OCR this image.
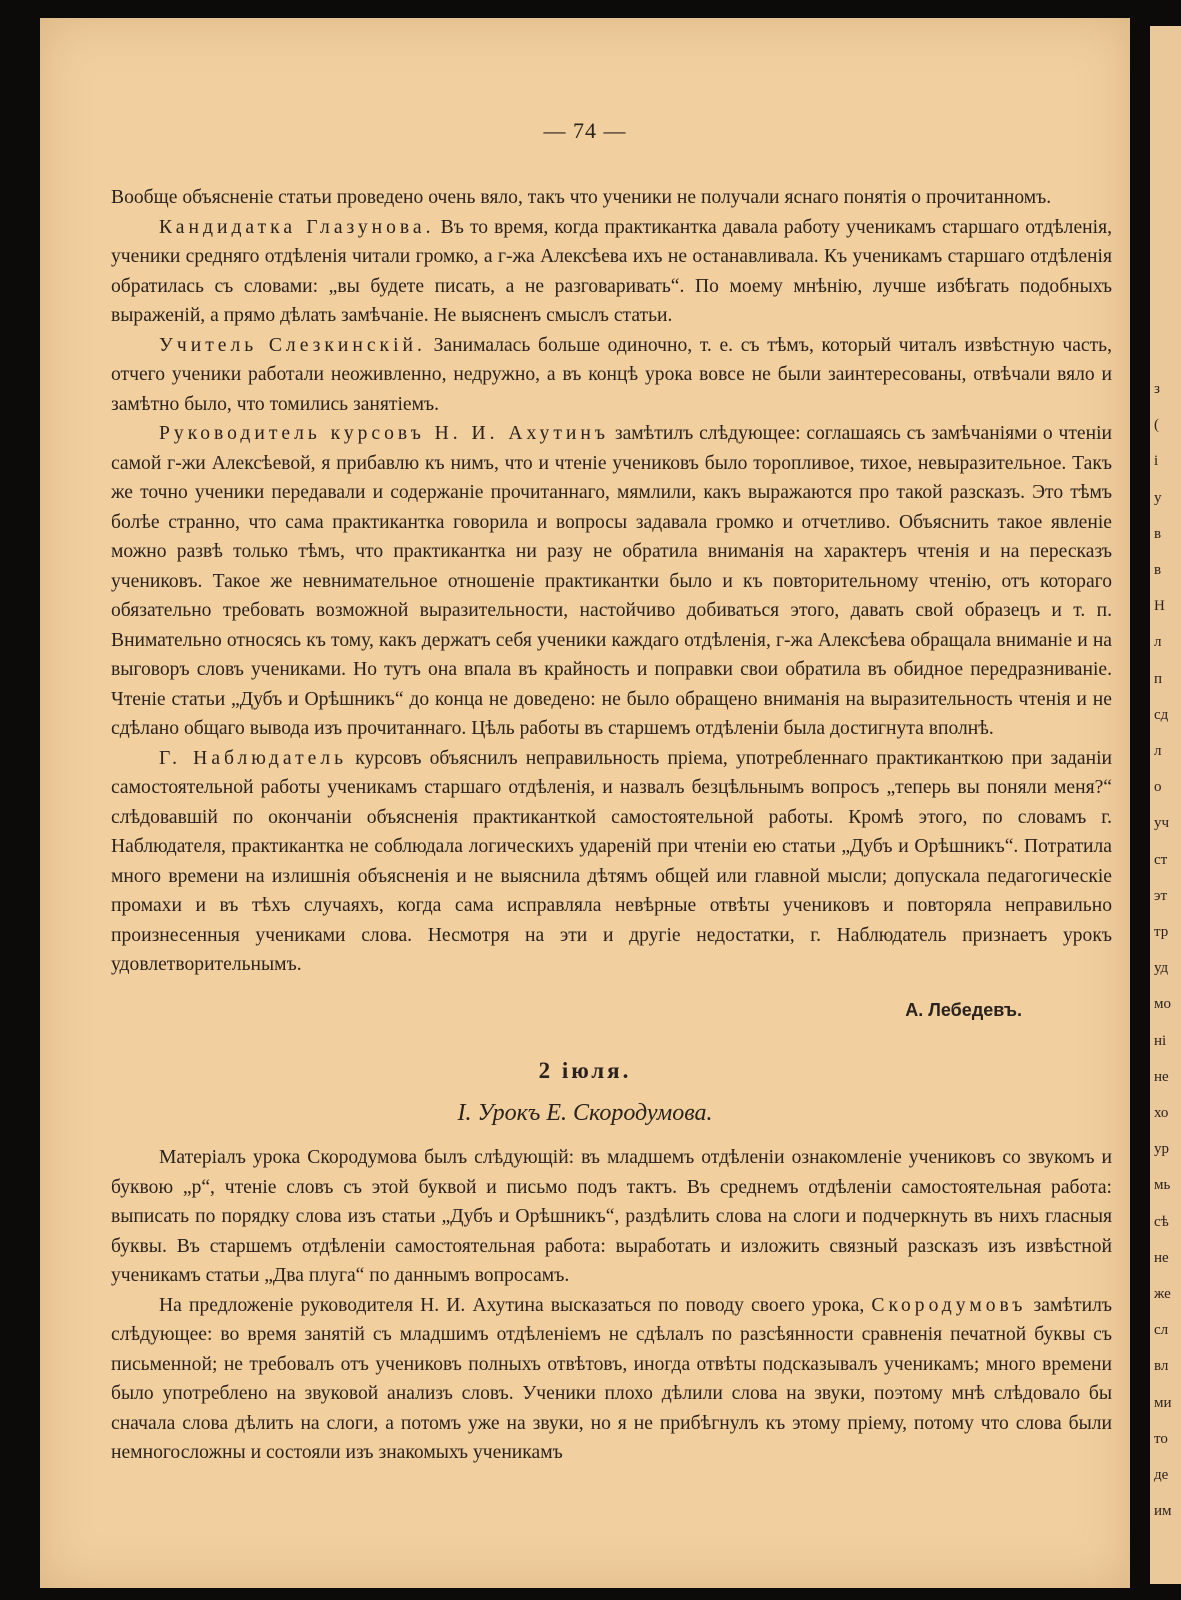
— 74 —

Вообще объясненіе статьи проведено очень вяло, такъ что ученики не получали яснаго понятія о прочитанномъ.

Кандидатка Глазунова. Въ то время, когда практикантка давала работу ученикамъ старшаго отдѣленія, ученики средняго отдѣленія читали громко, а г-жа Алексѣева ихъ не останавливала. Къ ученикамъ старшаго отдѣленія обратилась съ словами: „вы будете писать, а не разговаривать“. По моему мнѣнію, лучше избѣгать подобныхъ выраженій, а прямо дѣлать замѣчаніе. Не выясненъ смыслъ статьи.

Учитель Слезкинскій. Занималась больше одиночно, т. е. съ тѣмъ, который читалъ извѣстную часть, отчего ученики работали неоживленно, недружно, а въ концѣ урока вовсе не были заинтересованы, отвѣчали вяло и замѣтно было, что томились занятіемъ.

Руководитель курсовъ Н. И. Ахутинъ замѣтилъ слѣдующее: соглашаясь съ замѣчаніями о чтеніи самой г-жи Алексѣевой, я прибавлю къ нимъ, что и чтеніе учениковъ было торопливое, тихое, невыразительное. Такъ же точно ученики передавали и содержаніе прочитаннаго, мямлили, какъ выражаются про такой разсказъ. Это тѣмъ болѣе странно, что сама практикантка говорила и вопросы задавала громко и отчетливо. Объяснить такое явленіе можно развѣ только тѣмъ, что практикантка ни разу не обратила вниманія на характеръ чтенія и на пересказъ учениковъ. Такое же невнимательное отношеніе практикантки было и къ повторительному чтенію, отъ котораго обязательно требовать возможной выразительности, настойчиво добиваться этого, давать свой образецъ и т. п. Внимательно относясь къ тому, какъ держатъ себя ученики каждаго отдѣленія, г-жа Алексѣева обращала вниманіе и на выговоръ словъ учениками. Но тутъ она впала въ крайность и поправки свои обратила въ обидное передразниваніе. Чтеніе статьи „Дубъ и Орѣшникъ“ до конца не доведено: не было обращено вниманія на выразительность чтенія и не сдѣлано общаго вывода изъ прочитаннаго. Цѣль работы въ старшемъ отдѣленіи была достигнута вполнѣ.

Г. Наблюдатель курсовъ объяснилъ неправильность пріема, употребленнаго практиканткою при заданіи самостоятельной работы ученикамъ старшаго отдѣленія, и назвалъ безцѣльнымъ вопросъ „теперь вы поняли меня?“ слѣдовавшій по окончаніи объясненія практиканткой самостоятельной работы. Кромѣ этого, по словамъ г. Наблюдателя, практикантка не соблюдала логическихъ удареній при чтеніи ею статьи „Дубъ и Орѣшникъ“. Потратила много времени на излишнія объясненія и не выяснила дѣтямъ общей или главной мысли; допускала педагогическіе промахи и въ тѣхъ случаяхъ, когда сама исправляла невѣрные отвѣты учениковъ и повторяла неправильно произнесенныя учениками слова. Несмотря на эти и другіе недостатки, г. Наблюдатель признаетъ урокъ удовлетворительнымъ.

А. Лебедевъ.
2 іюля.
I. Урокъ Е. Скородумова.

Матеріалъ урока Скородумова былъ слѣдующій: въ младшемъ отдѣленіи ознакомленіе учениковъ со звукомъ и буквою „р“, чтеніе словъ съ этой буквой и письмо подъ тактъ. Въ среднемъ отдѣленіи самостоятельная работа: выписать по порядку слова изъ статьи „Дубъ и Орѣшникъ“, раздѣлить слова на слоги и подчеркнуть въ нихъ гласныя буквы. Въ старшемъ отдѣленіи самостоятельная работа: выработать и изложить связный разсказъ изъ извѣстной ученикамъ статьи „Два плуга“ по даннымъ вопросамъ.

На предложеніе руководителя Н. И. Ахутина высказаться по поводу своего урока, Скородумовъ замѣтилъ слѣдующее: во время занятій съ младшимъ отдѣленіемъ не сдѣлалъ по разсѣянности сравненія печатной буквы съ письменной; не требовалъ отъ учениковъ полныхъ отвѣтовъ, иногда отвѣты подсказывалъ ученикамъ; много времени было употреблено на звуковой анализъ словъ. Ученики плохо дѣлили слова на звуки, поэтому мнѣ слѣдовало бы сначала слова дѣлить на слоги, а потомъ уже на звуки, но я не прибѣгнулъ къ этому пріему, потому что слова были немногосложны и состояли изъ знакомыхъ ученикамъ

з
(
і
у
в
в
Н
л
п
сд
л
о
уч
ст
эт
тр
уд
мо
ні
не
хо
ур
мь
сѣ
не
же
сл
вл
ми
то
де
им
